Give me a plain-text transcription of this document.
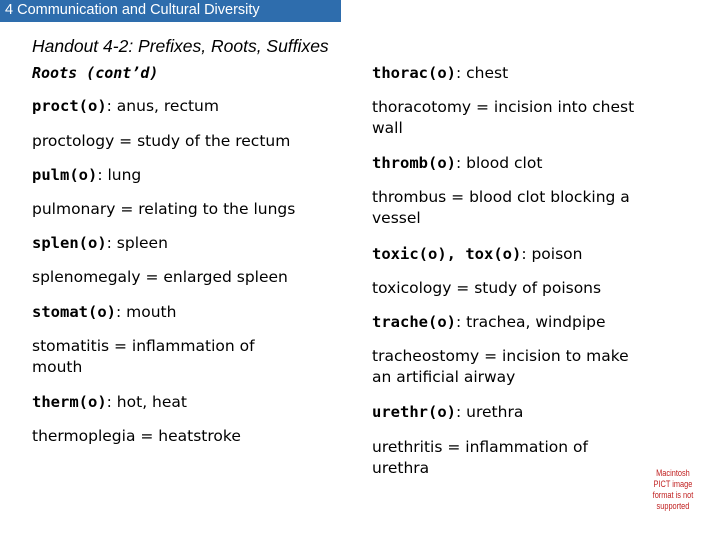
4 Communication and Cultural Diversity
Handout 4-2: Prefixes, Roots, Suffixes
Roots (cont’d)
proct(o): anus, rectum
proctology = study of the rectum
pulm(o): lung
pulmonary = relating to the lungs
splen(o): spleen
splenomegaly = enlarged spleen
stomat(o): mouth
stomatitis = inflammation of
mouth
therm(o): hot, heat
thermoplegia = heatstroke
thorac(o): chest
thoracotomy = incision into chest
wall
thromb(o): blood clot
thrombus = blood clot blocking a
vessel
toxic(o), tox(o): poison
toxicology = study of poisons
trache(o): trachea, windpipe
tracheostomy = incision to make
an artificial airway
urethr(o): urethra
urethritis = inflammation of
urethra	Macintosh PICT image format is not supported
